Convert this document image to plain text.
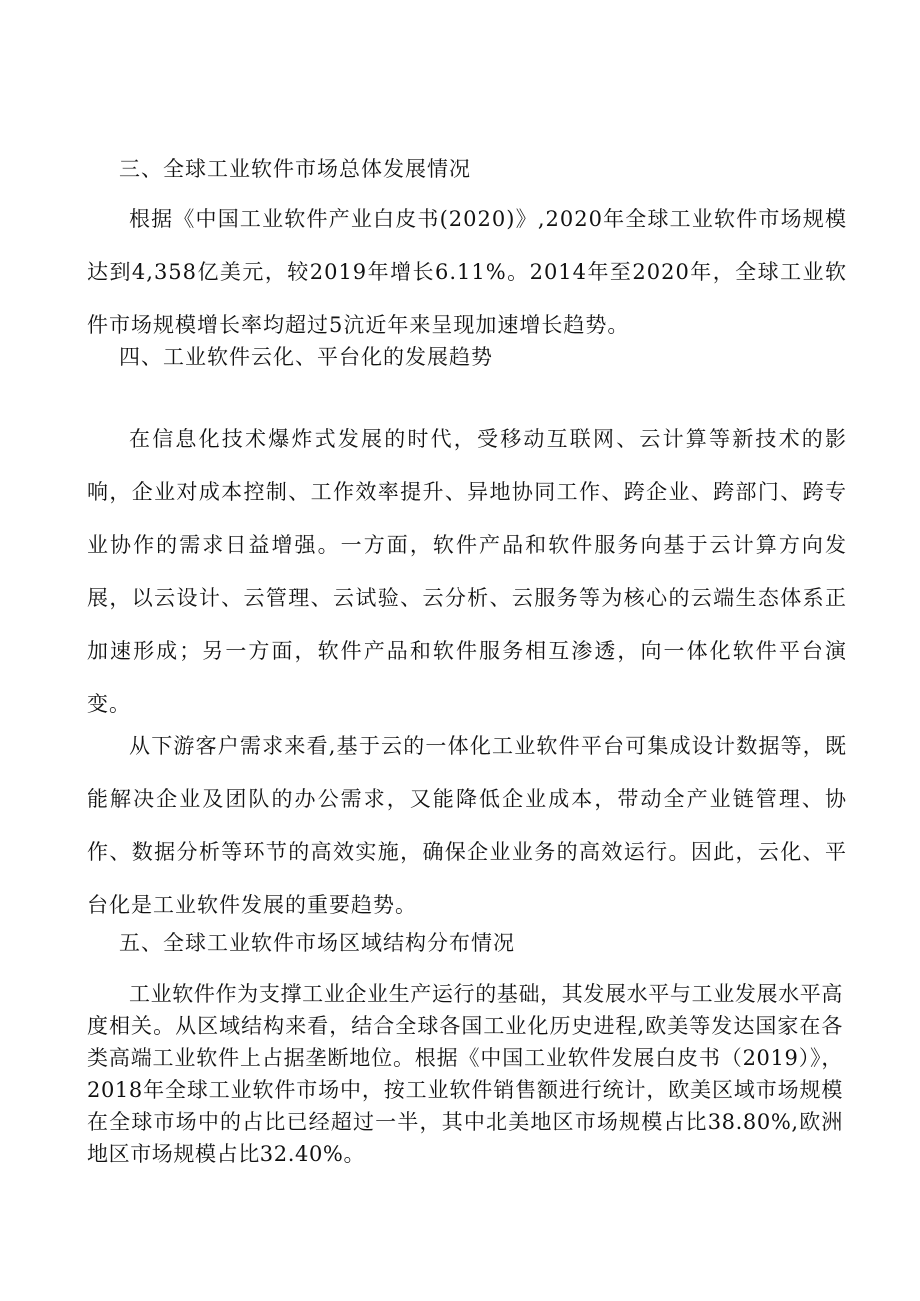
三、全球工业软件市场总体发展情况
根据《中国工业软件产业白皮书(2020)》,2020年全球工业软件市场规模达到4,358亿美元，较2019年增长6.11%。2014年至2020年，全球工业软件市场规模增长率均超过5沆近年来呈现加速增长趋势。
四、工业软件云化、平台化的发展趋势
在信息化技术爆炸式发展的时代，受移动互联网、云计算等新技术的影响，企业对成本控制、工作效率提升、异地协同工作、跨企业、跨部门、跨专业协作的需求日益增强。一方面，软件产品和软件服务向基于云计算方向发展，以云设计、云管理、云试验、云分析、云服务等为核心的云端生态体系正加速形成；另一方面，软件产品和软件服务相互渗透，向一体化软件平台演变。
从下游客户需求来看,基于云的一体化工业软件平台可集成设计数据等，既能解决企业及团队的办公需求，又能降低企业成本，带动全产业链管理、协作、数据分析等环节的高效实施，确保企业业务的高效运行。因此，云化、平台化是工业软件发展的重要趋势。
五、全球工业软件市场区域结构分布情况
工业软件作为支撑工业企业生产运行的基础，其发展水平与工业发展水平高度相关。从区域结构来看，结合全球各国工业化历史进程,欧美等发达国家在各类高端工业软件上占据垄断地位。根据《中国工业软件发展白皮书（2019）》，2018年全球工业软件市场中，按工业软件销售额进行统计，欧美区域市场规模在全球市场中的占比已经超过一半，其中北美地区市场规模占比38.80%,欧洲地区市场规模占比32.40%。
